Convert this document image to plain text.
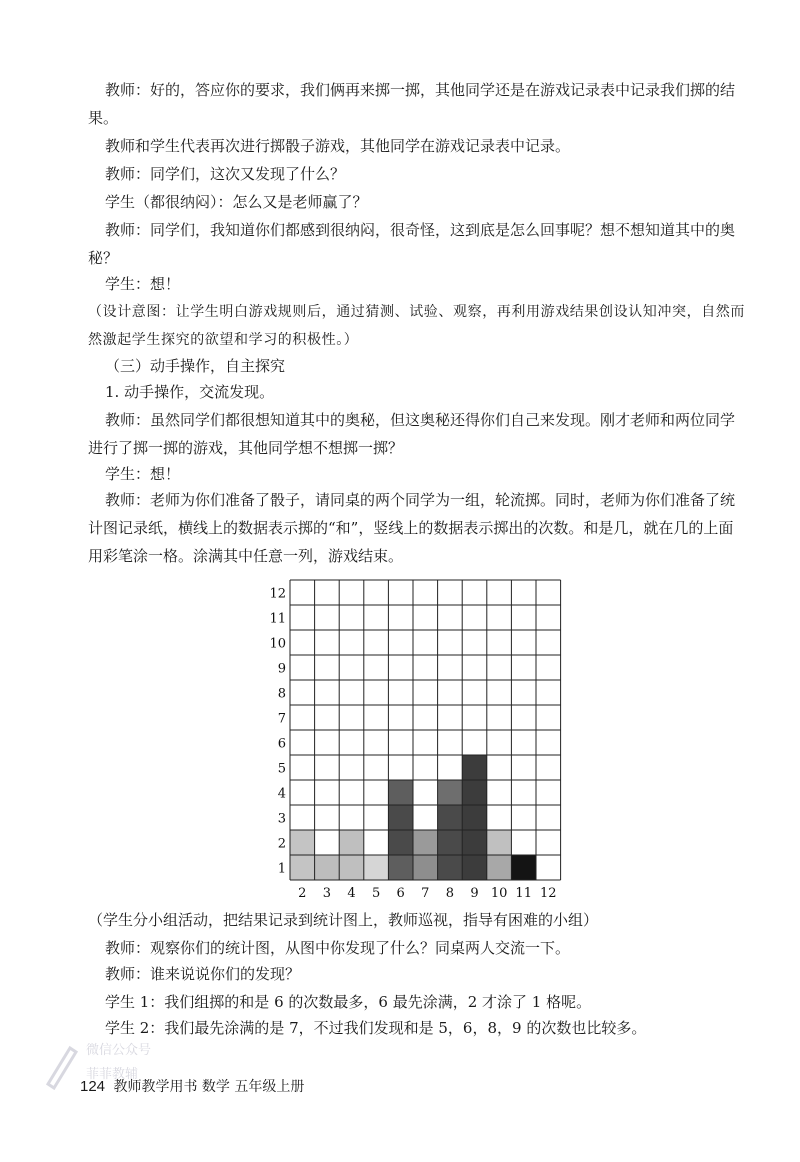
教师：好的，答应你的要求，我们俩再来掷一掷，其他同学还是在游戏记录表中记录我们掷的结果。

教师和学生代表再次进行掷骰子游戏，其他同学在游戏记录表中记录。

教师：同学们，这次又发现了什么？

学生（都很纳闷）：怎么又是老师赢了？

教师：同学们，我知道你们都感到很纳闷，很奇怪，这到底是怎么回事呢？想不想知道其中的奥秘？

学生：想！

（设计意图：让学生明白游戏规则后，通过猜测、试验、观察，再利用游戏结果创设认知冲突，自然而然激起学生探究的欲望和学习的积极性。）

（三）动手操作，自主探究

1. 动手操作，交流发现。

教师：虽然同学们都很想知道其中的奥秘，但这奥秘还得你们自己来发现。刚才老师和两位同学进行了掷一掷的游戏，其他同学想不想掷一掷？

学生：想！

教师：老师为你们准备了骰子，请同桌的两个同学为一组，轮流掷。同时，老师为你们准备了统计图记录纸，横线上的数据表示掷的“和”，竖线上的数据表示掷出的次数。和是几，就在几的上面用彩笔涂一格。涂满其中任意一列，游戏结束。

1
2
3
4
5
6
7
8
9
10
11
12
2 3 4 5 6 7 8 9 10 11 12

（学生分小组活动，把结果记录到统计图上，教师巡视，指导有困难的小组）

教师：观察你们的统计图，从图中你发现了什么？同桌两人交流一下。

教师：谁来说说你们的发现？

学生 1：我们组掷的和是 6 的次数最多，6 最先涂满，2 才涂了 1 格呢。

学生 2：我们最先涂满的是 7，不过我们发现和是 5，6，8，9 的次数也比较多。

微信公众号
菲菲教辅
124 教师教学用书 数学 五年级上册
